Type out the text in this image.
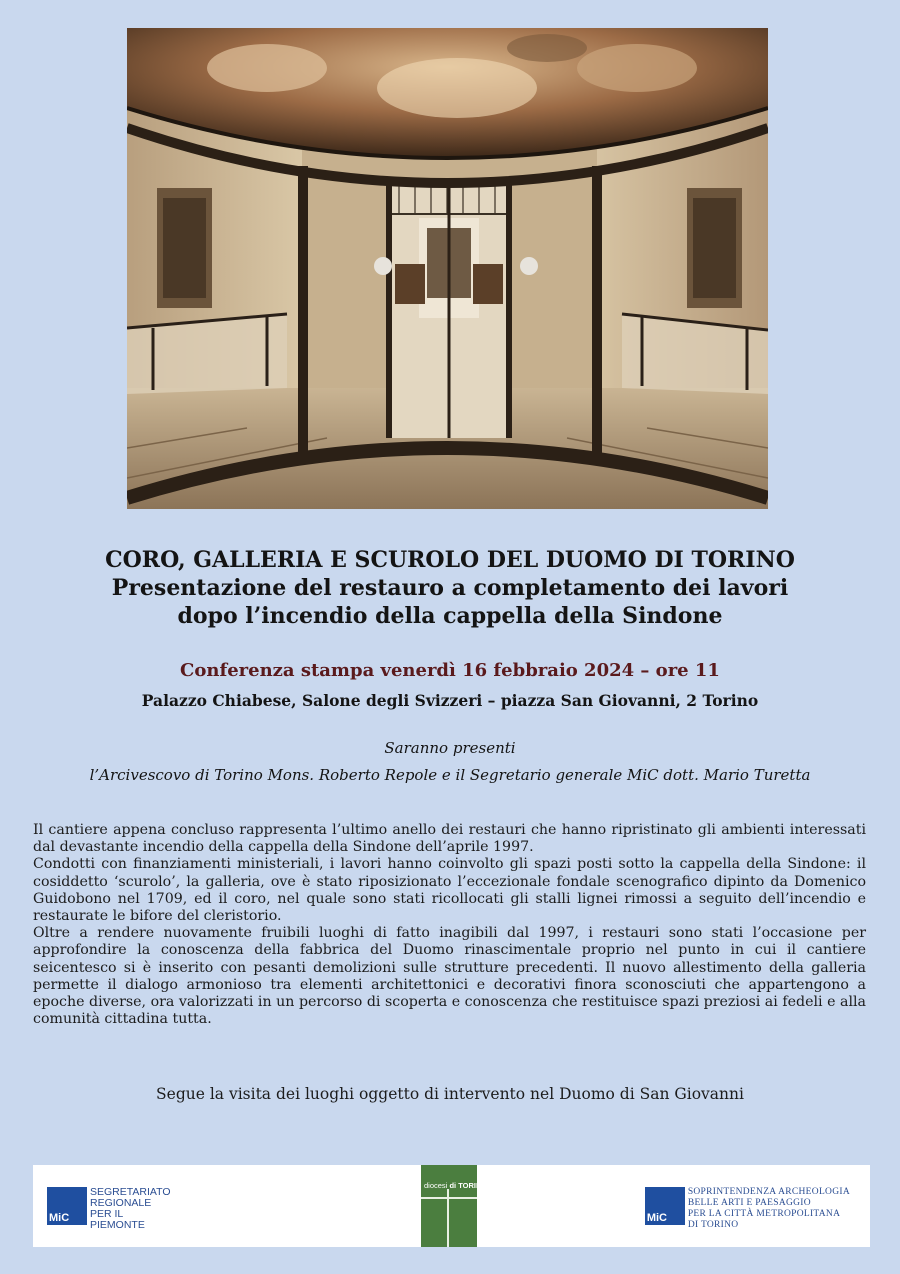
CORO, GALLERIA E SCUROLO DEL DUOMO DI TORINO
Presentazione del restauro a completamento dei lavori
dopo l’incendio della cappella della Sindone
Conferenza stampa venerdì 16 febbraio 2024 – ore 11
Palazzo Chiabese, Salone degli Svizzeri – piazza San Giovanni, 2 Torino
Saranno presenti
l’Arcivescovo di Torino Mons. Roberto Repole e il Segretario generale MiC dott. Mario Turetta

Il cantiere appena concluso rappresenta l’ultimo anello dei restauri che hanno ripristinato gli ambienti interessati dal devastante incendio della cappella della Sindone dell’aprile 1997.

Condotti con finanziamenti ministeriali, i lavori hanno coinvolto gli spazi posti sotto la cappella della Sindone: il cosiddetto ‘scurolo’, la galleria, ove è stato riposizionato l’eccezionale fondale scenografico dipinto da Domenico Guidobono nel 1709, ed il coro, nel quale sono stati ricollocati gli stalli lignei rimossi a seguito dell’incendio e restaurate le bifore del cleristorio.

Oltre a rendere nuovamente fruibili luoghi di fatto inagibili dal 1997, i restauri sono stati l’occasione per approfondire la conoscenza della fabbrica del Duomo rinascimentale proprio nel punto in cui il cantiere seicentesco si è inserito con pesanti demolizioni sulle strutture precedenti. Il nuovo allestimento della galleria permette il dialogo armonioso tra elementi architettonici e decorativi finora sconosciuti che appartengono a epoche diverse, ora valorizzati in un percorso di scoperta e conoscenza che restituisce spazi preziosi ai fedeli e alla comunità cittadina tutta.

Segue la visita dei luoghi oggetto di intervento nel Duomo di San Giovanni
MiC
SEGRETARIATO
REGIONALE
PER IL
PIEMONTE
diocesi di TORINO
MiC
SOPRINTENDENZA ARCHEOLOGIA
BELLE ARTI E PAESAGGIO
PER LA CITTÀ METROPOLITANA
DI TORINO
